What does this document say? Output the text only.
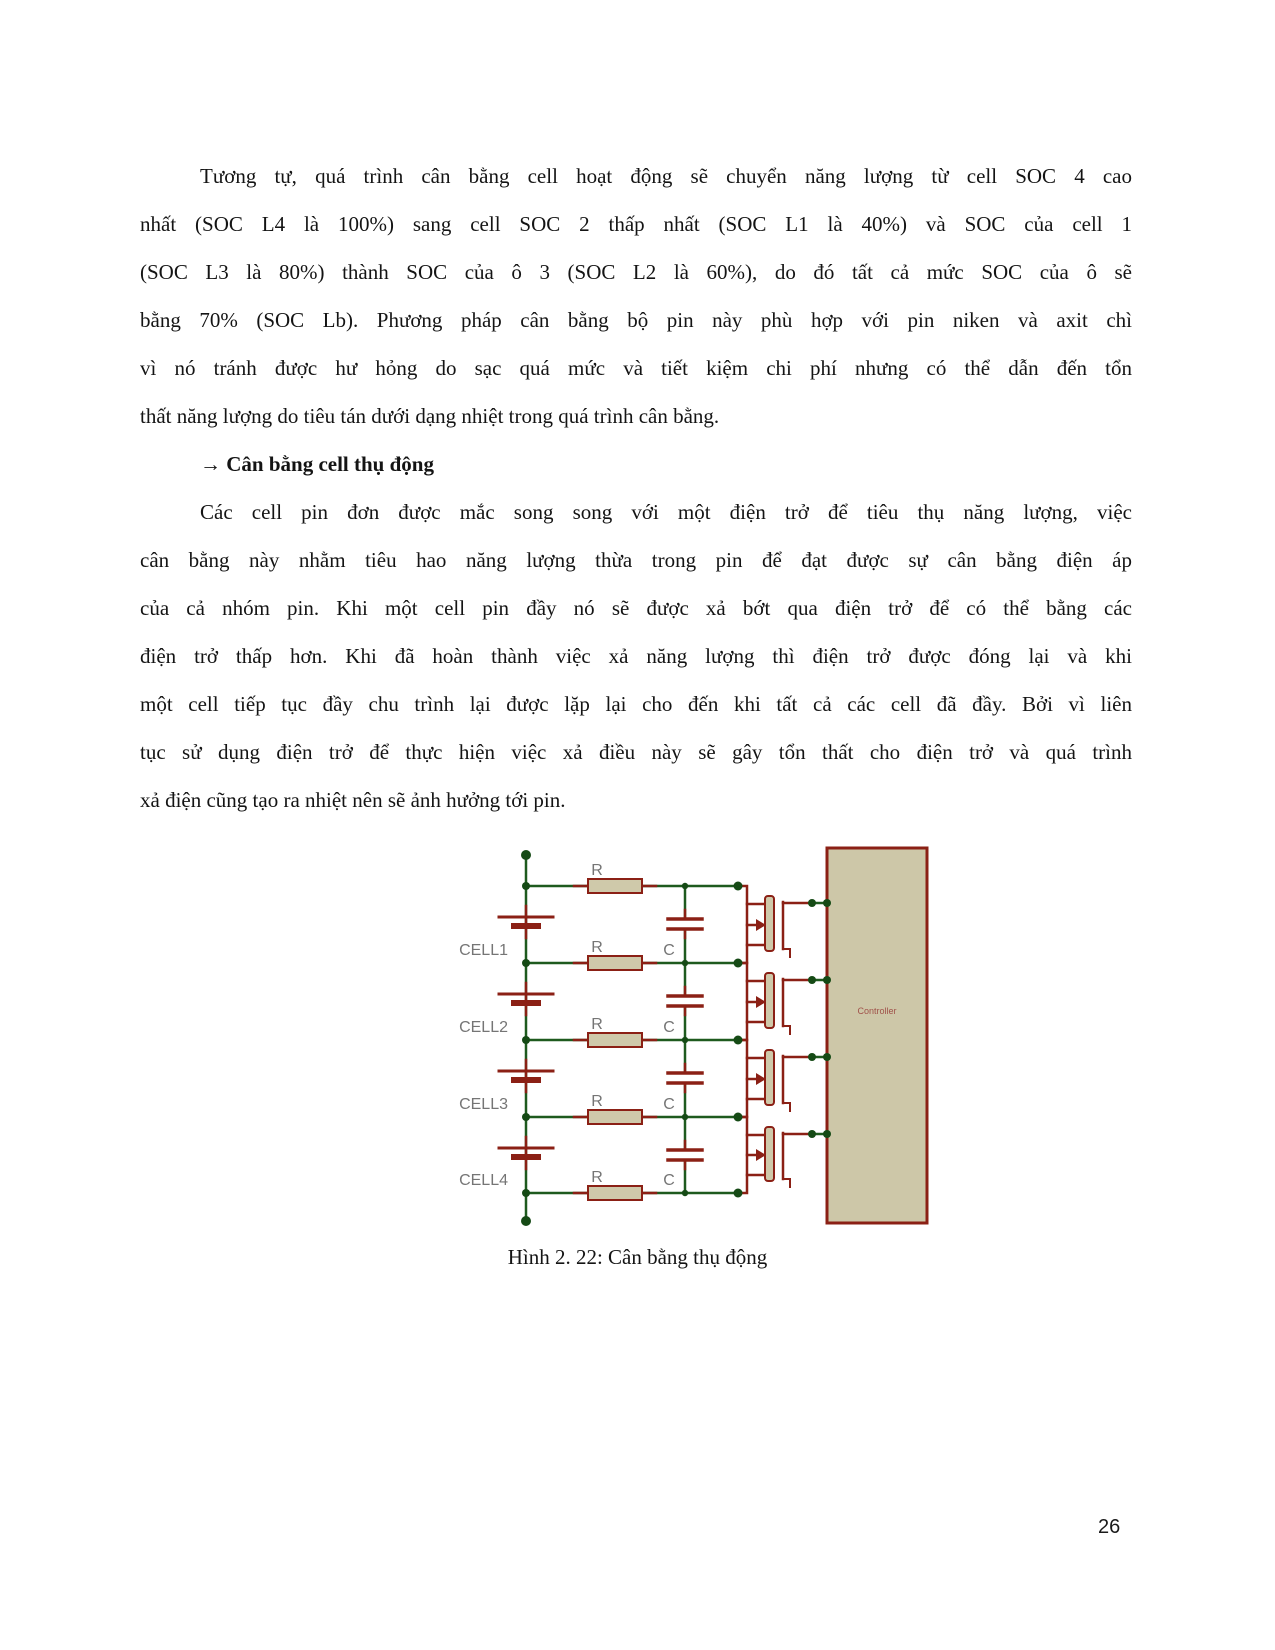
Tương tự, quá trình cân bằng cell hoạt động sẽ chuyển năng lượng từ cell SOC 4 cao
nhất (SOC L4 là 100%) sang cell SOC 2 thấp nhất (SOC L1 là 40%) và SOC của cell 1
(SOC L3 là 80%) thành SOC của ô 3 (SOC L2 là 60%), do đó tất cả mức SOC của ô sẽ
bằng 70% (SOC Lb). Phương pháp cân bằng bộ pin này phù hợp với pin niken và axit chì
vì nó tránh được hư hỏng do sạc quá mức và tiết kiệm chi phí nhưng có thể dẫn đến tổn
thất năng lượng do tiêu tán dưới dạng nhiệt trong quá trình cân bằng.
→ Cân bằng cell thụ động
Các cell pin đơn được mắc song song với một điện trở để tiêu thụ năng lượng, việc
cân bằng này nhằm tiêu hao năng lượng thừa trong pin để đạt được sự cân bằng điện áp
của cả nhóm pin. Khi một cell pin đầy nó sẽ được xả bớt qua điện trở để có thể bằng các
điện trở thấp hơn. Khi đã hoàn thành việc xả năng lượng thì điện trở được đóng lại và khi
một cell tiếp tục đầy chu trình lại được lặp lại cho đến khi tất cả các cell đã đầy. Bởi vì liên
tục sử dụng điện trở để thực hiện việc xả điều này sẽ gây tổn thất cho điện trở và quá trình
xả điện cũng tạo ra nhiệt nên sẽ ảnh hưởng tới pin.
CELL1
CELL2
CELL3
CELL4
R
R
R
R
R
C
C
C
C
Controller
Hình 2. 22: Cân bằng thụ động
26
